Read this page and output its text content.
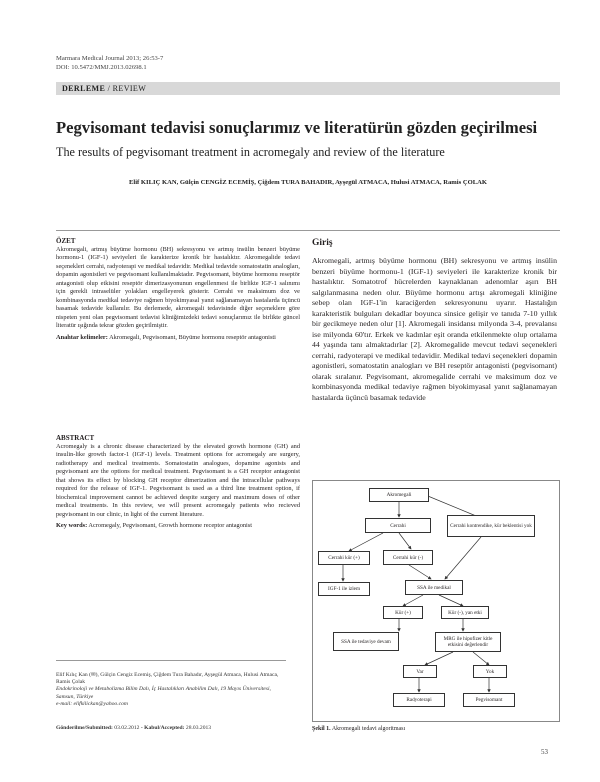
Marmara Medical Journal 2013; 26:53-7
DOI: 10.5472/MMJ.2013.02698.1
DERLEME / REVIEW
Pegvisomant tedavisi sonuçlarımız ve literatürün gözden geçirilmesi
The results of pegvisomant treatment in acromegaly and review of the literature
Elif KILIÇ KAN, Gülçin CENGİZ ECEMİŞ, Çiğdem TURA BAHADIR, Ayşegül ATMACA, Hulusi ATMACA, Ramis ÇOLAK
ÖZET
Akromegali, artmış büyüme hormonu (BH) sekresyonu ve artmış insülin benzeri büyüme hormonu-1 (IGF-1) seviyeleri ile karakterize kronik bir hastalıktır. Akromegalide tedavi seçenekleri cerrahi, radyoterapi ve medikal tedavidir. Medikal tedavide somatostatin analogları, dopamin agonistleri ve pegvisomant kullanılmaktadır. Pegvisomant, büyüme hormonu reseptör antagonisti olup etkisini reseptör dimerizasyonunun engellenmesi ile birlikte IGF-1 salınımı için gerekli intraselüler yolakları engelleyerek gösterir. Cerrahi ve maksimum doz ve kombinasyonda medikal tedaviye rağmen biyokimyasal yanıt sağlanamayan hastalarda üçüncü basamak tedavide kullanılır. Bu derlemede, akromegali tedavisinde diğer seçeneklere göre nispeten yeni olan pegvisomant tedavisi kliniğimizdeki tedavi sonuçlarımız ile birlikte güncel literatür ışığında tekrar gözden geçirilmiştir.
Anahtar kelimeler: Akromegali, Pegvisomant, Büyüme hormonu reseptör antagonisti
ABSTRACT
Acromegaly is a chronic disease characterized by the elevated growth hormone (GH) and insulin-like growth factor-1 (IGF-1) levels. Treatment options for acromegaly are surgery, radiotherapy and medical treatments. Somatostatin analogues, dopamine agonists and pegvisomant are the options for medical treatment. Pegvisomant is a GH receptor antagonist that shows its effect by blocking GH receptor dimerization and the intracellular pathways required for the release of IGF-1. Pegvisomant is used as a third line treatment option, if biochemical improvement cannot be achieved despite surgery and maximum doses of other medical treatments. In this review, we will present acromegaly patients who recieved pegvisomant in our clinic, in light of the current literature.
Key words: Acromegaly, Pegvisomant, Growth hormone receptor antagonist
Elif Kılıç Kan (✉), Gülçin Cengiz Ecemiş, Çiğdem Tura Bahadır, Ayşegül Atmaca, Hulusi Atmaca, Ramis Çolak
Endokrinoloji ve Metabolizma Bilim Dalı, İç Hastalıkları Anabilim Dalı, 19 Mayıs Üniversitesi, Samsun, Türkiye
e-mail: elifkilickan@yahoo.com
Gönderilme/Submitted: 03.02.2012 - Kabul/Accepted: 28.03.2013
Giriş
Akromegali, artmış büyüme hormonu (BH) sekresyonu ve artmış insülin benzeri büyüme hormonu-1 (IGF-1) seviyeleri ile karakterize kronik bir hastalıktır. Somatotrof hücrelerden kaynaklanan adenomlar aşırı BH salgılanmasına neden olur. Büyüme hormonu artışı akromegali kliniğine sebep olan IGF-1'in karaciğerden sekresyonunu uyarır. Hastalığın karakteristik bulguları dekadlar boyunca sinsice gelişir ve tanıda 7-10 yıllık bir gecikmeye neden olur [1]. Akromegali insidansı milyonda 3-4, prevalansı ise milyonda 60'tır. Erkek ve kadınlar eşit oranda etkilenmekte olup ortalama 44 yaşında tanı almaktadırlar [2]. Akromegalide mevcut tedavi seçenekleri cerrahi, radyoterapi ve medikal tedavidir. Medikal tedavi seçenekleri dopamin agonistleri, somatostatin analogları ve BH reseptör antagonisti (pegvisomant) olarak sıralanır. Pegvisomant, akromegalide cerrahi ve maksimum doz ve kombinasyonda medikal tedaviye rağmen biyokimyasal yanıt sağlanamayan hastalarda üçüncü basamak tedavide
Akromegali
Cerrahi	Cerrahi kontrendike, kür beklentisi yok
Cerrahi kür (+)	Cerrahi kür (-)
IGF-1 ile izlem	SSA ile medikal
Kür (+)	Kür (-), yan etki
SSA ile tedaviye devam	MRG ile hipofizer kitle etkisini değerlendir
Var	Yok
Radyoterapi	Pegvisomant
Şekil 1. Akromegali tedavi algoritması
53
